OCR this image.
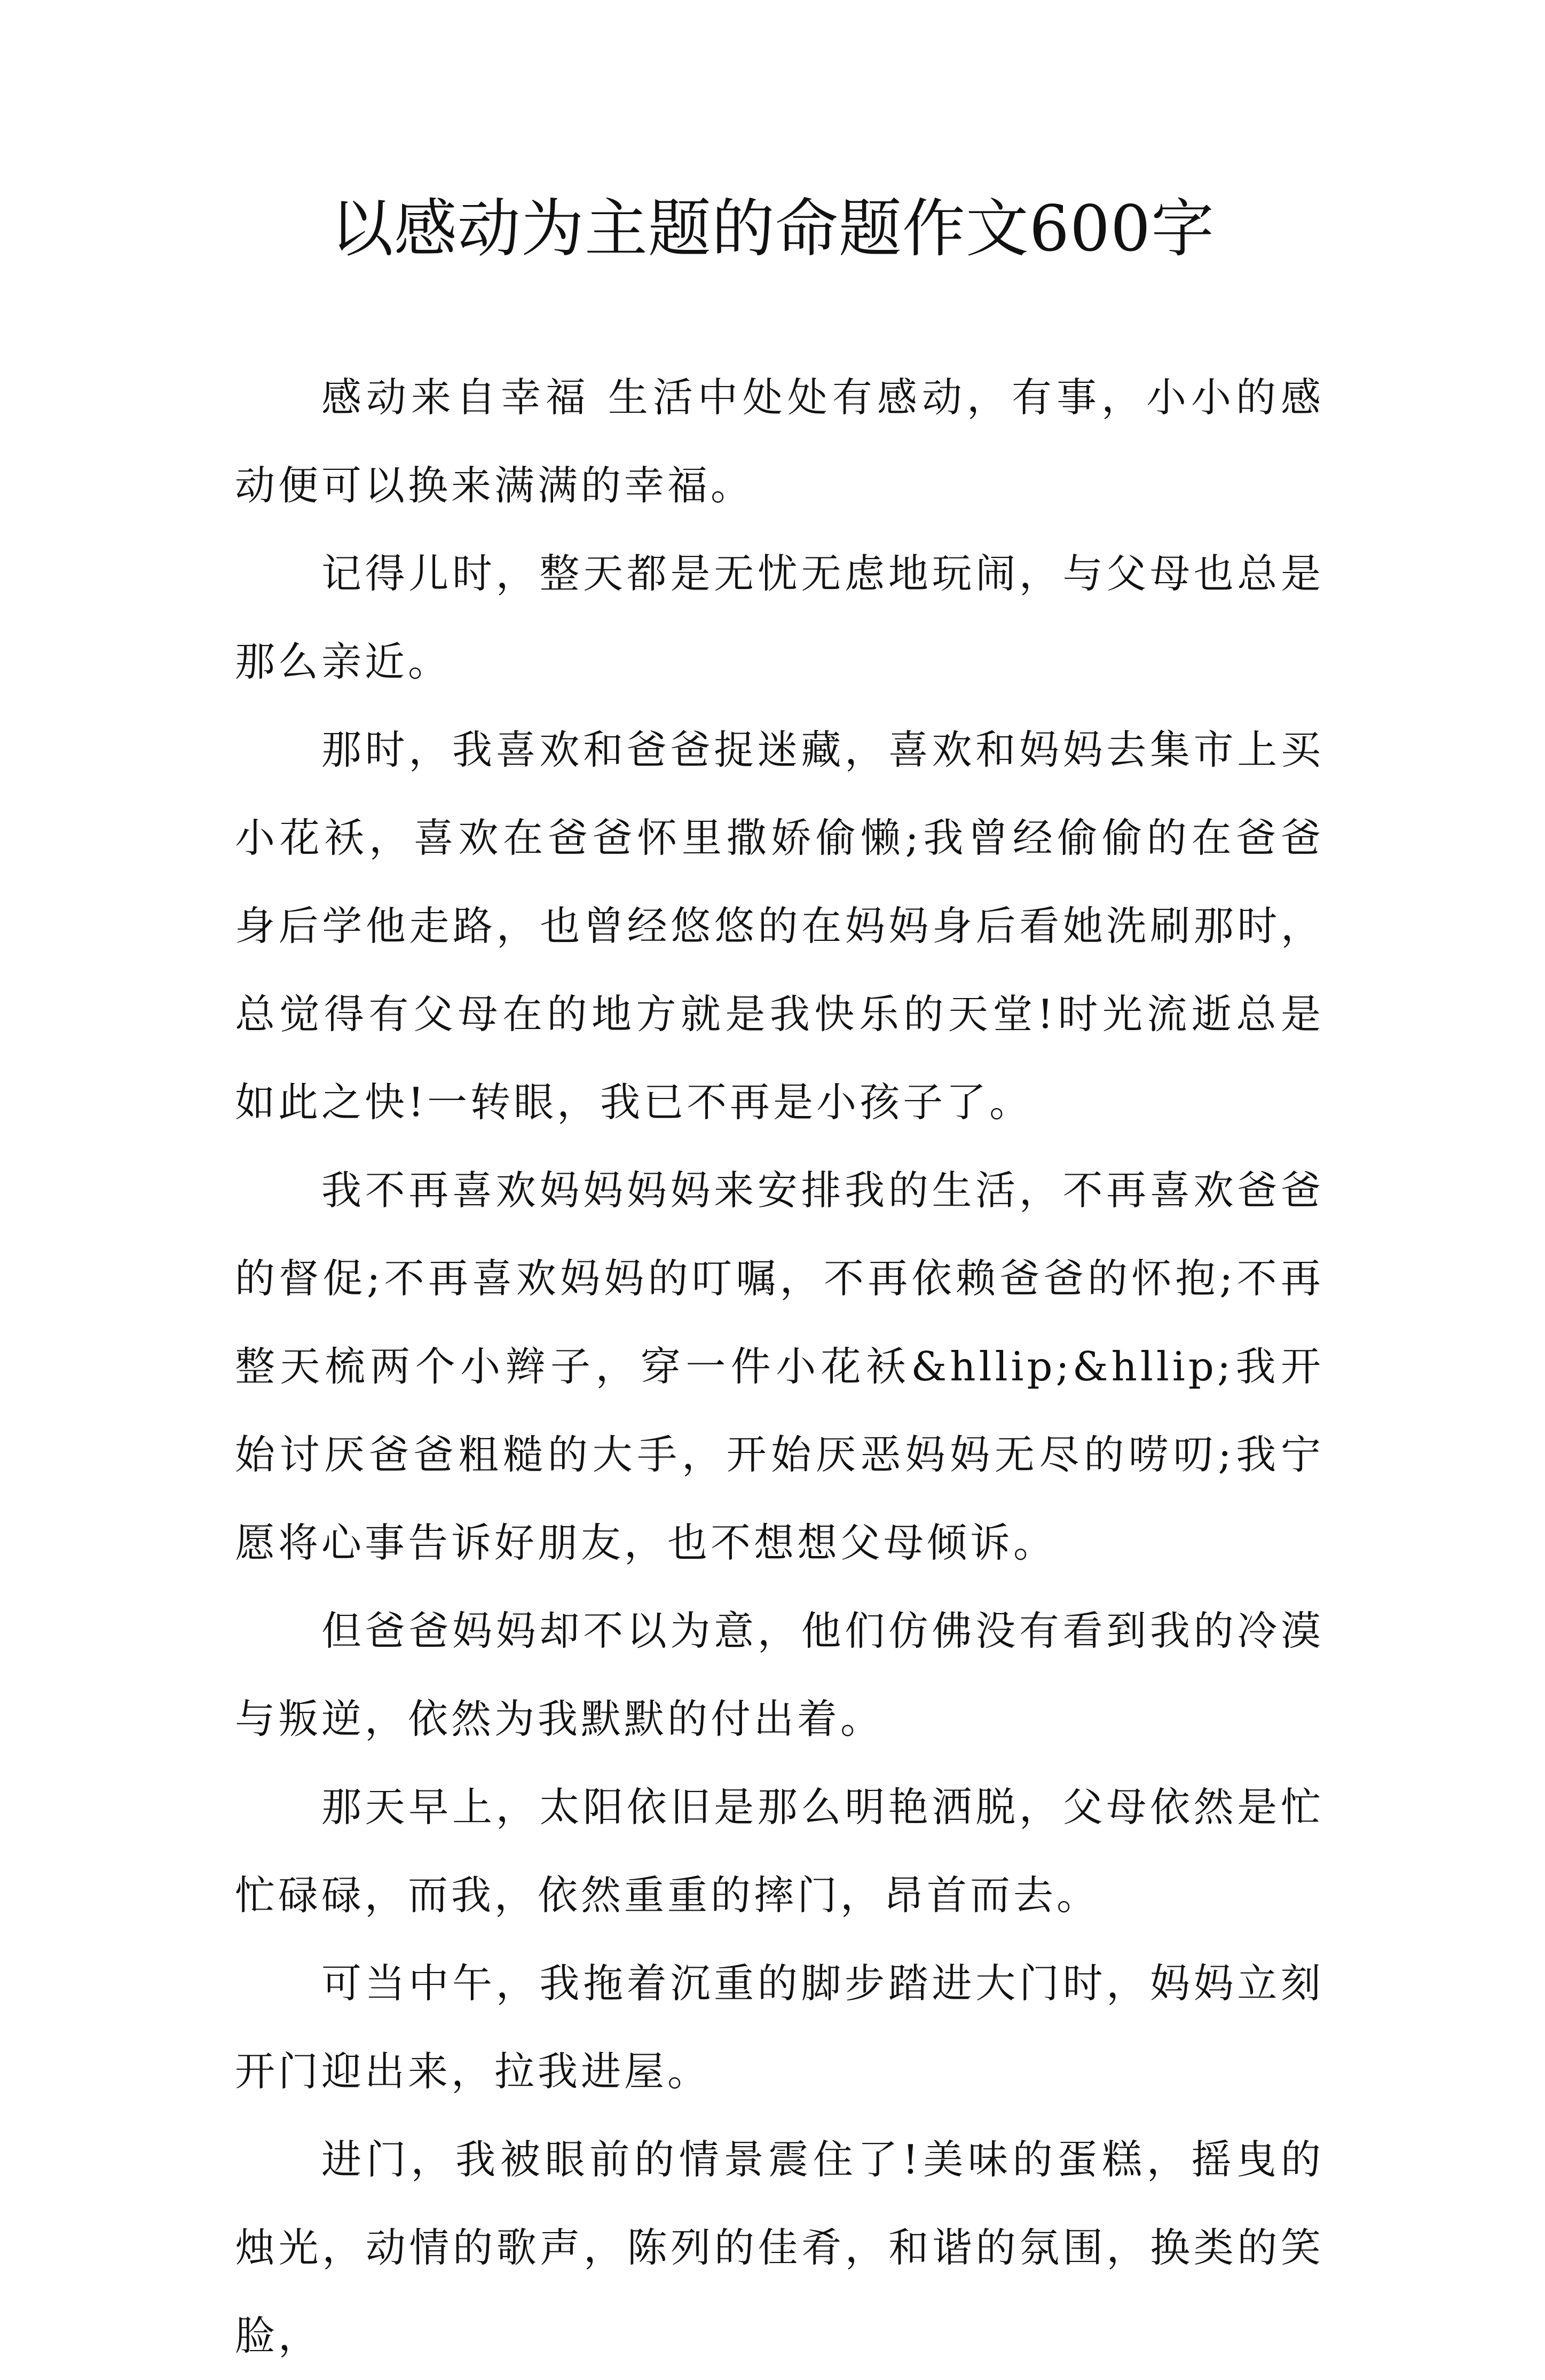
以感动为主题的命题作文600字

感动来自幸福 生活中处处有感动，有事，小小的感动便可以换来满满的幸福。

记得儿时，整天都是无忧无虑地玩闹，与父母也总是那么亲近。

那时，我喜欢和爸爸捉迷藏，喜欢和妈妈去集市上买小花袄，喜欢在爸爸怀里撒娇偷懒;我曾经偷偷的在爸爸身后学他走路，也曾经悠悠的在妈妈身后看她洗刷那时，总觉得有父母在的地方就是我快乐的天堂!时光流逝总是如此之快!一转眼，我已不再是小孩子了。

我不再喜欢妈妈妈妈来安排我的生活，不再喜欢爸爸的督促;不再喜欢妈妈的叮嘱，不再依赖爸爸的怀抱;不再整天梳两个小辫子，穿一件小花袄&hllip;&hllip;我开始讨厌爸爸粗糙的大手，开始厌恶妈妈无尽的唠叨;我宁愿将心事告诉好朋友，也不想想父母倾诉。

但爸爸妈妈却不以为意，他们仿佛没有看到我的冷漠与叛逆，依然为我默默的付出着。

那天早上，太阳依旧是那么明艳洒脱，父母依然是忙忙碌碌，而我，依然重重的摔门，昂首而去。

可当中午，我拖着沉重的脚步踏进大门时，妈妈立刻开门迎出来，拉我进屋。

进门，我被眼前的情景震住了!美味的蛋糕，摇曳的烛光，动情的歌声，陈列的佳肴，和谐的氛围，换类的笑脸，
